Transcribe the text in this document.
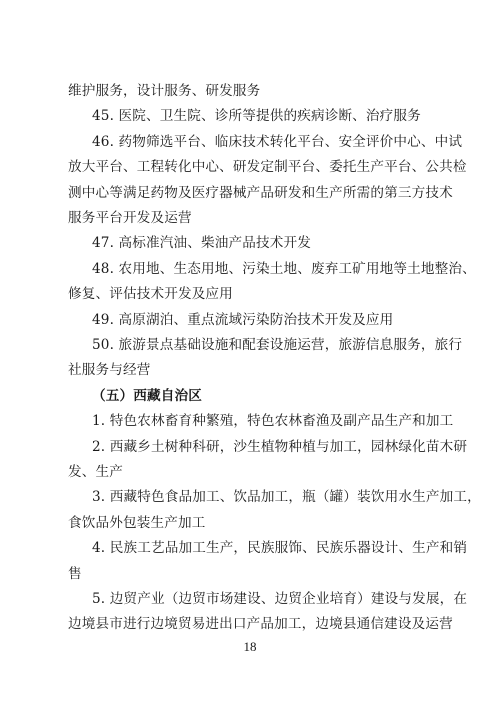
维护服务，设计服务、研发服务
45. 医院、卫生院、诊所等提供的疾病诊断、治疗服务
46. 药物筛选平台、临床技术转化平台、安全评价中心、中试
放大平台、工程转化中心、研发定制平台、委托生产平台、公共检
测中心等满足药物及医疗器械产品研发和生产所需的第三方技术
服务平台开发及运营
47. 高标准汽油、柴油产品技术开发
48. 农用地、生态用地、污染土地、废弃工矿用地等土地整治、
修复、评估技术开发及应用
49. 高原湖泊、重点流域污染防治技术开发及应用
50. 旅游景点基础设施和配套设施运营，旅游信息服务，旅行
社服务与经营
（五）西藏自治区
1. 特色农林畜育种繁殖，特色农林畜渔及副产品生产和加工
2. 西藏乡土树种科研，沙生植物种植与加工，园林绿化苗木研
发、生产
3. 西藏特色食品加工、饮品加工，瓶（罐）装饮用水生产加工，
食饮品外包装生产加工
4. 民族工艺品加工生产，民族服饰、民族乐器设计、生产和销
售
5. 边贸产业（边贸市场建设、边贸企业培育）建设与发展，在
边境县市进行边境贸易进出口产品加工，边境县通信建设及运营
18
